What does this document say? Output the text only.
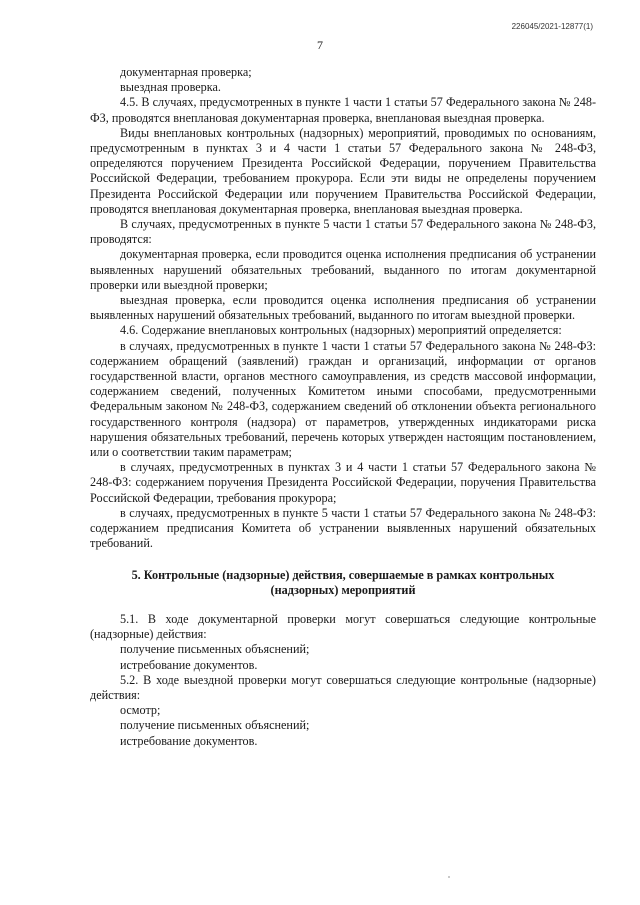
226045/2021-12877(1)
7

документарная проверка;

выездная проверка.

4.5. В случаях, предусмотренных в пункте 1 части 1 статьи 57 Федерального закона № 248-ФЗ, проводятся внеплановая документарная проверка, внеплановая выездная проверка.

Виды внеплановых контрольных (надзорных) мероприятий, проводимых по основаниям, предусмотренным в пунктах 3 и 4 части 1 статьи 57 Федерального закона № 248-ФЗ, определяются поручением Президента Российской Федерации, поручением Правительства Российской Федерации, требованием прокурора. Если эти виды не определены поручением Президента Российской Федерации или поручением Правительства Российской Федерации, проводятся внеплановая документарная проверка, внеплановая выездная проверка.

В случаях, предусмотренных в пункте 5 части 1 статьи 57 Федерального закона № 248-ФЗ, проводятся:

документарная проверка, если проводится оценка исполнения предписания об устранении выявленных нарушений обязательных требований, выданного по итогам документарной проверки или выездной проверки;

выездная проверка, если проводится оценка исполнения предписания об устранении выявленных нарушений обязательных требований, выданного по итогам выездной проверки.

4.6. Содержание внеплановых контрольных (надзорных) мероприятий определяется:

в случаях, предусмотренных в пункте 1 части 1 статьи 57 Федерального закона № 248-ФЗ: содержанием обращений (заявлений) граждан и организаций, информации от органов государственной власти, органов местного самоуправления, из средств массовой информации, содержанием сведений, полученных Комитетом иными способами, предусмотренными Федеральным законом № 248-ФЗ, содержанием сведений об отклонении объекта регионального государственного контроля (надзора) от параметров, утвержденных индикаторами риска нарушения обязательных требований, перечень которых утвержден настоящим постановлением, или о соответствии таким параметрам;

в случаях, предусмотренных в пунктах 3 и 4 части 1 статьи 57 Федерального закона № 248-ФЗ: содержанием поручения Президента Российской Федерации, поручения Правительства Российской Федерации, требования прокурора;

в случаях, предусмотренных в пункте 5 части 1 статьи 57 Федерального закона № 248-ФЗ: содержанием предписания Комитета об устранении выявленных нарушений обязательных требований.

5. Контрольные (надзорные) действия, совершаемые в рамках контрольных (надзорных) мероприятий

5.1. В ходе документарной проверки могут совершаться следующие контрольные (надзорные) действия:

получение письменных объяснений;

истребование документов.

5.2. В ходе выездной проверки могут совершаться следующие контрольные (надзорные) действия:

осмотр;

получение письменных объяснений;

истребование документов.
